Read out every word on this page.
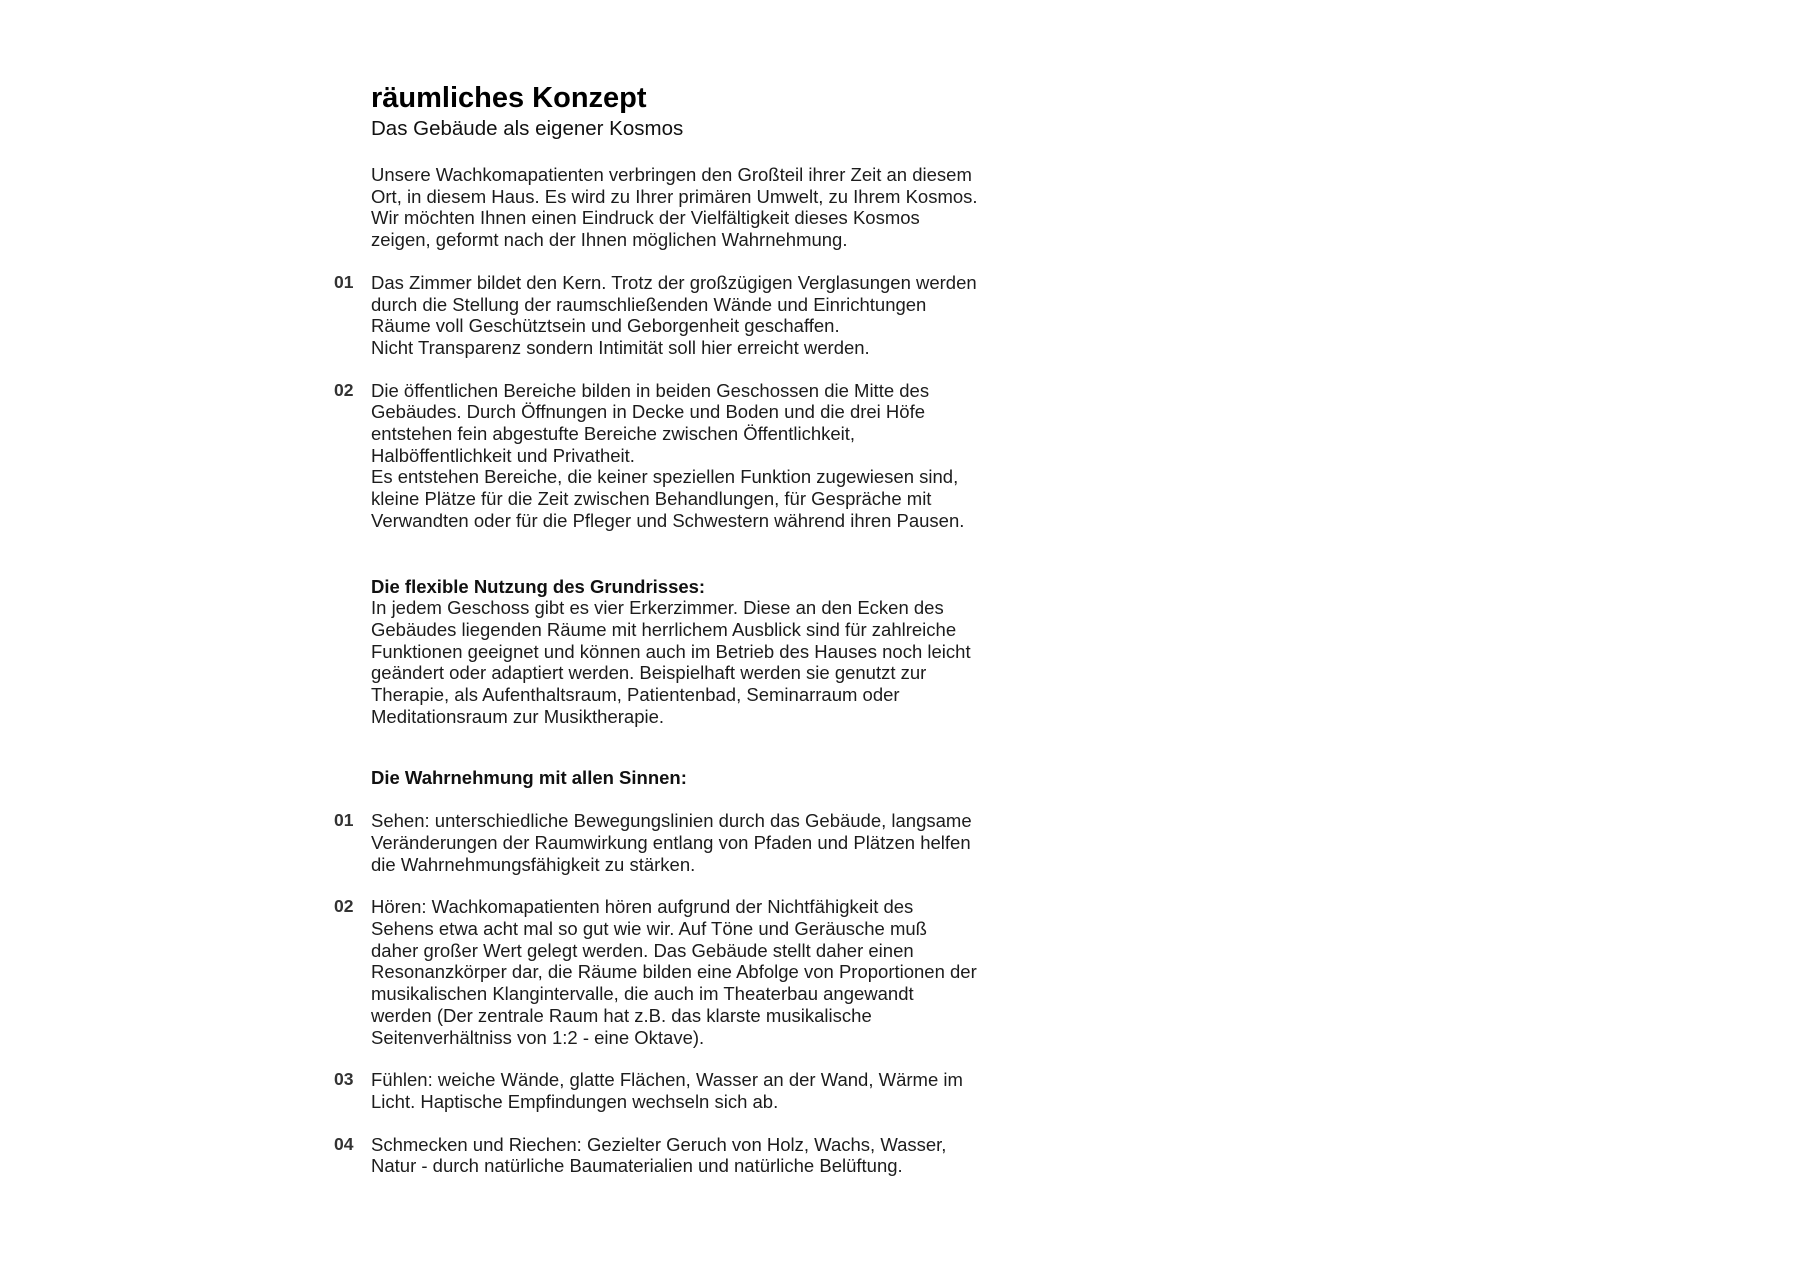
räumliches Konzept
Das Gebäude als eigener Kosmos

Unsere Wachkomapatienten verbringen den Großteil ihrer Zeit an diesem
Ort, in diesem Haus. Es wird zu Ihrer primären Umwelt, zu Ihrem Kosmos.
Wir möchten Ihnen einen Eindruck der Vielfältigkeit dieses Kosmos
zeigen, geformt nach der Ihnen möglichen Wahrnehmung.

01 Das Zimmer bildet den Kern. Trotz der großzügigen Verglasungen werden
durch die Stellung der raumschließenden Wände und Einrichtungen
Räume voll Geschütztsein und Geborgenheit geschaffen.
Nicht Transparenz sondern Intimität soll hier erreicht werden.

02 Die öffentlichen Bereiche bilden in beiden Geschossen die Mitte des
Gebäudes. Durch Öffnungen in Decke und Boden und die drei Höfe
entstehen fein abgestufte Bereiche zwischen Öffentlichkeit,
Halböffentlichkeit und Privatheit.
Es entstehen Bereiche, die keiner speziellen Funktion zugewiesen sind,
kleine Plätze für die Zeit zwischen Behandlungen, für Gespräche mit
Verwandten oder für die Pfleger und Schwestern während ihren Pausen.

Die flexible Nutzung des Grundrisses:

In jedem Geschoss gibt es vier Erkerzimmer. Diese an den Ecken des
Gebäudes liegenden Räume mit herrlichem Ausblick sind für zahlreiche
Funktionen geeignet und können auch im Betrieb des Hauses noch leicht
geändert oder adaptiert werden. Beispielhaft werden sie genutzt zur
Therapie, als Aufenthaltsraum, Patientenbad, Seminarraum oder
Meditationsraum zur Musiktherapie.

Die Wahrnehmung mit allen Sinnen:

01 Sehen: unterschiedliche Bewegungslinien durch das Gebäude, langsame
Veränderungen der Raumwirkung entlang von Pfaden und Plätzen helfen
die Wahrnehmungsfähigkeit zu stärken.

02 Hören: Wachkomapatienten hören aufgrund der Nichtfähigkeit des
Sehens etwa acht mal so gut wie wir. Auf Töne und Geräusche muß
daher großer Wert gelegt werden. Das Gebäude stellt daher einen
Resonanzkörper dar, die Räume bilden eine Abfolge von Proportionen der
musikalischen Klangintervalle, die auch im Theaterbau angewandt
werden (Der zentrale Raum hat z.B. das klarste musikalische
Seitenverhältniss von 1:2 - eine Oktave).

03 Fühlen: weiche Wände, glatte Flächen, Wasser an der Wand, Wärme im
Licht. Haptische Empfindungen wechseln sich ab.

04 Schmecken und Riechen: Gezielter Geruch von Holz, Wachs, Wasser,
Natur - durch natürliche Baumaterialien und natürliche Belüftung.
